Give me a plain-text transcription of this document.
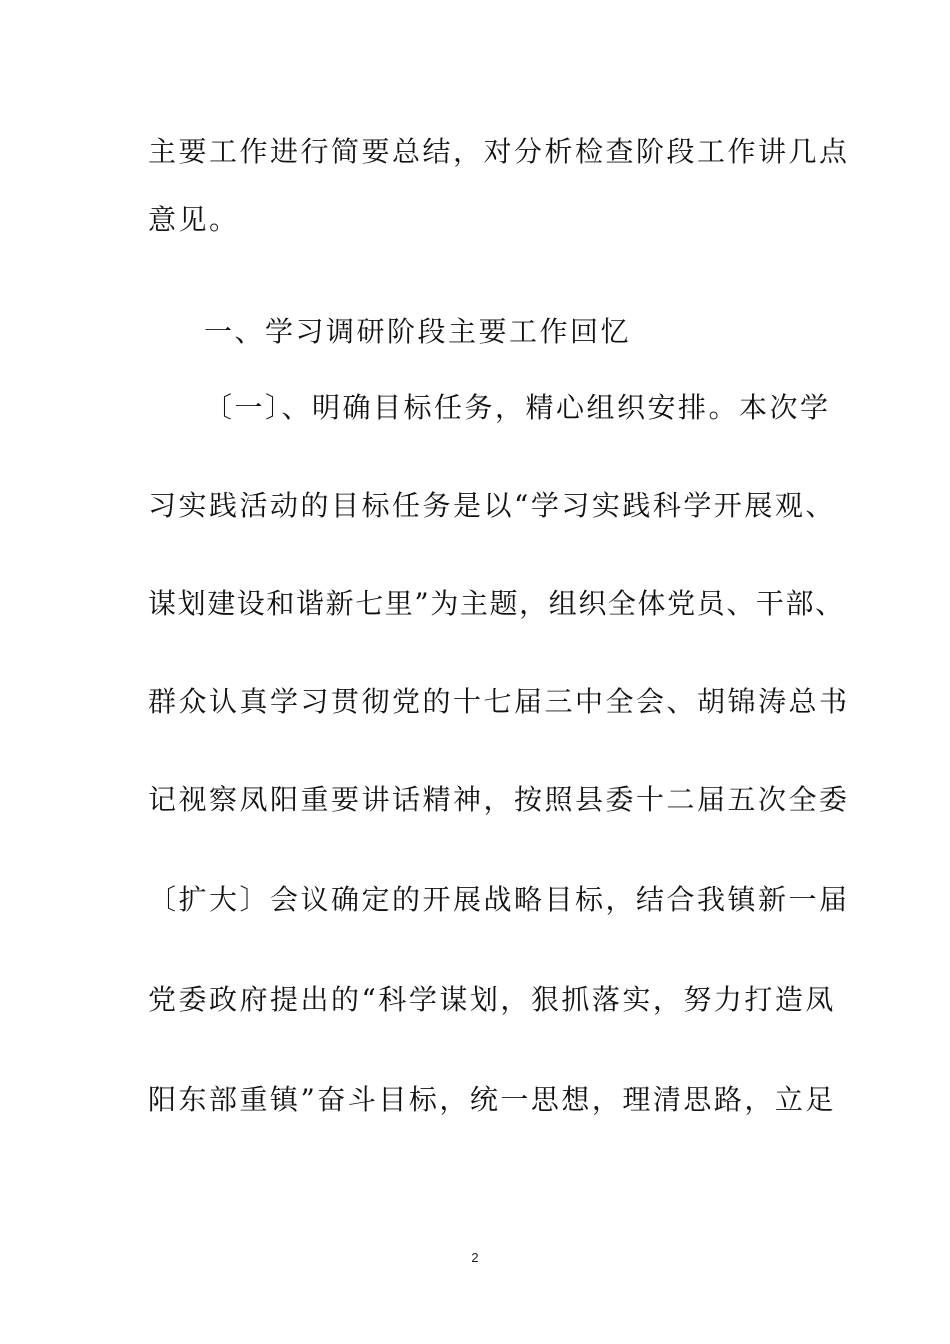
主要工作进行简要总结，对分析检查阶段工作讲几点
意见。
一、学习调研阶段主要工作回忆
〔一〕、明确目标任务，精心组织安排。本次学
习实践活动的目标任务是以“学习实践科学开展观、
谋划建设和谐新七里”为主题，组织全体党员、干部、
群众认真学习贯彻党的十七届三中全会、胡锦涛总书
记视察凤阳重要讲话精神，按照县委十二届五次全委
〔扩大〕会议确定的开展战略目标，结合我镇新一届
党委政府提出的“科学谋划，狠抓落实，努力打造凤
阳东部重镇”奋斗目标，统一思想，理清思路，立足
2
